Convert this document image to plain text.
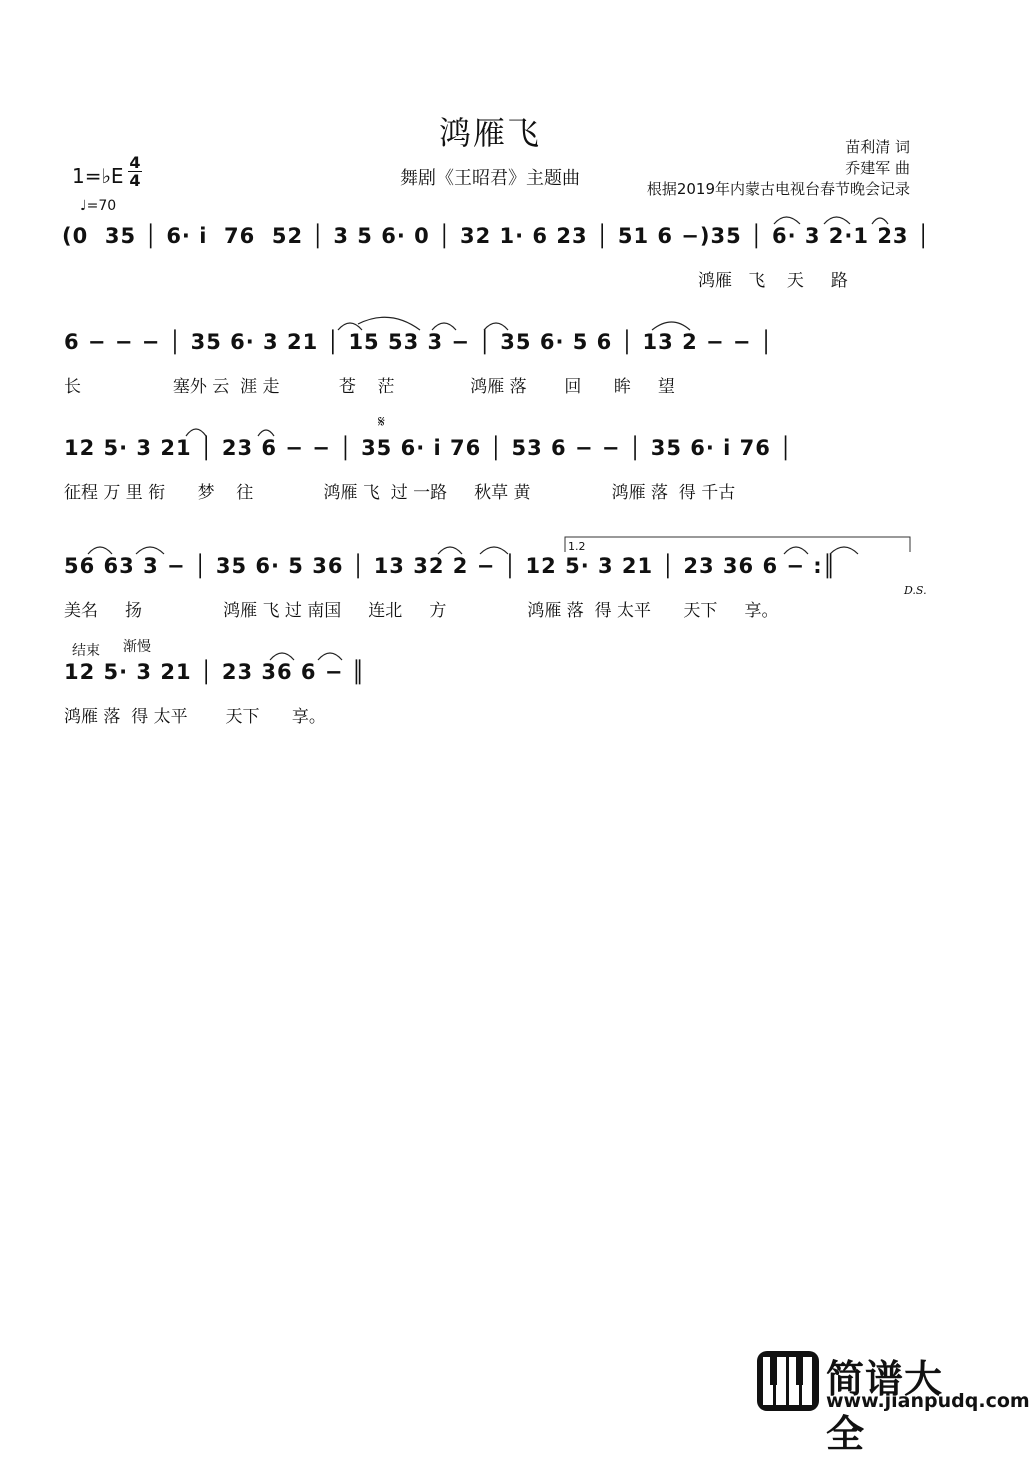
鸿雁飞
舞剧《王昭君》主题曲
苗利清 词
乔建军 曲
根据2019年内蒙古电视台春节晚会记录
1=♭E
4
4
♩=70
(0  35 │ 6· i  76  52 │ 3 5 6· 0 │ 32 1· 6 23 │ 51 6 −)35 │ 6· 3 2·1 23 │
鸿雁   飞    天     路
6 − − − │ 35 6· 3 21 │ 15 53 3 − │ 35 6· 5 6 │ 13 2 − − │
长                 塞外 云  涯 走           苍    茫              鸿雁 落       回      眸     望
12 5· 3 21 │ 23 6 − − │ 35 6· i 76 │ 53 6 − − │ 35 6· i 76 │
征程 万 里 衔      梦    往             鸿雁 飞  过 一路     秋草 黄               鸿雁 落  得 千古
56 63 3 − │ 35 6· 5 36 │ 13 32 2 − │ 12 5· 3 21 │ 23 36 6 − :║
美名     扬               鸿雁 飞 过 南国     连北     方               鸿雁 落  得 太平      天下     享。
结束 渐慢
12 5· 3 21 │ 23 36 6 − ║
鸿雁 落  得 太平       天下      享。
𝄋
1.2
D.S.
简谱大全
www.jianpudq.com
